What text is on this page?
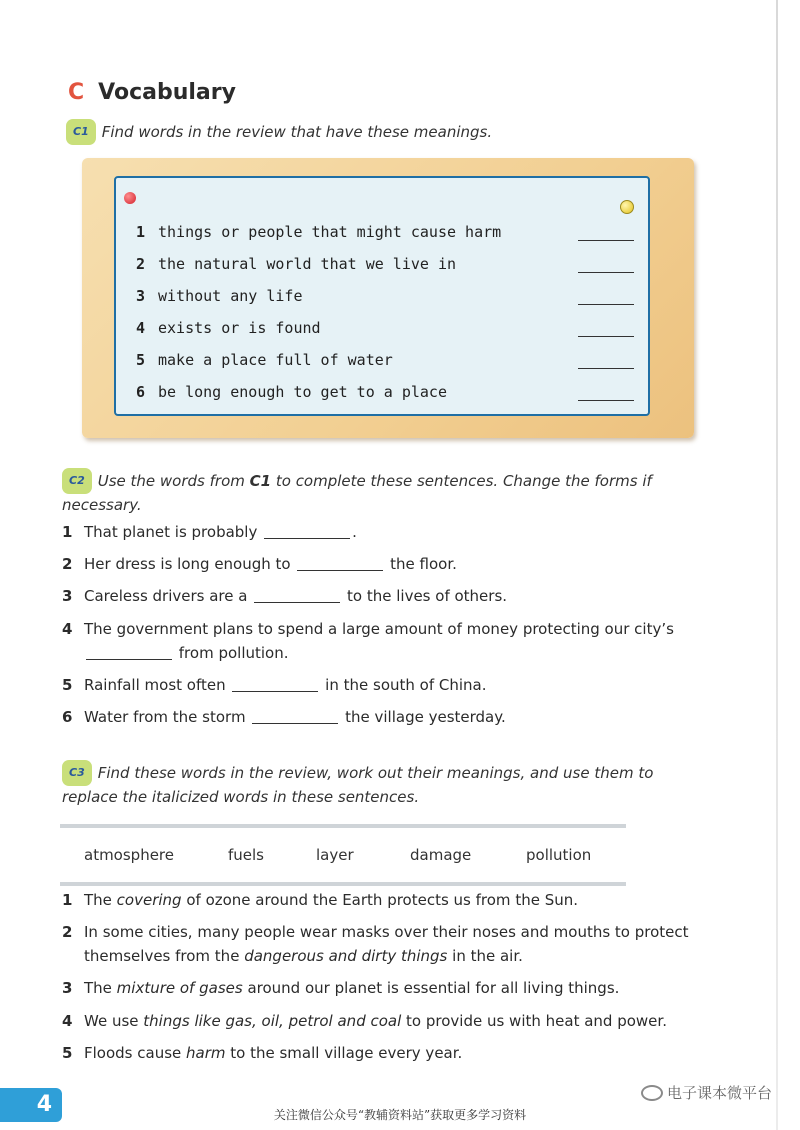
C Vocabulary
C1 Find words in the review that have these meanings.
1 things or people that might cause harm
2 the natural world that we live in
3 without any life
4 exists or is found
5 make a place full of water
6 be long enough to get to a place
C2 Use the words from C1 to complete these sentences. Change the forms if necessary.
1 That planet is probably	.
2 Her dress is long enough to	the floor.
3 Careless drivers are a	to the lives of others.
4 The government plans to spend a large amount of money protecting our city’s
from pollution.
5 Rainfall most often	in the south of China.
6 Water from the storm	the village yesterday.
C3 Find these words in the review, work out their meanings, and use them to replace the italicized words in these sentences.
atmosphere	fuels	layer	damage	pollution
1 The covering of ozone around the Earth protects us from the Sun.
2 In some cities, many people wear masks over their noses and mouths to protect themselves from the dangerous and dirty things in the air.
3 The mixture of gases around our planet is essential for all living things.
4 We use things like gas, oil, petrol and coal to provide us with heat and power.
5 Floods cause harm to the small village every year.
电子课本微平台
4	关注微信公众号“教辅资料站”获取更多学习资料
